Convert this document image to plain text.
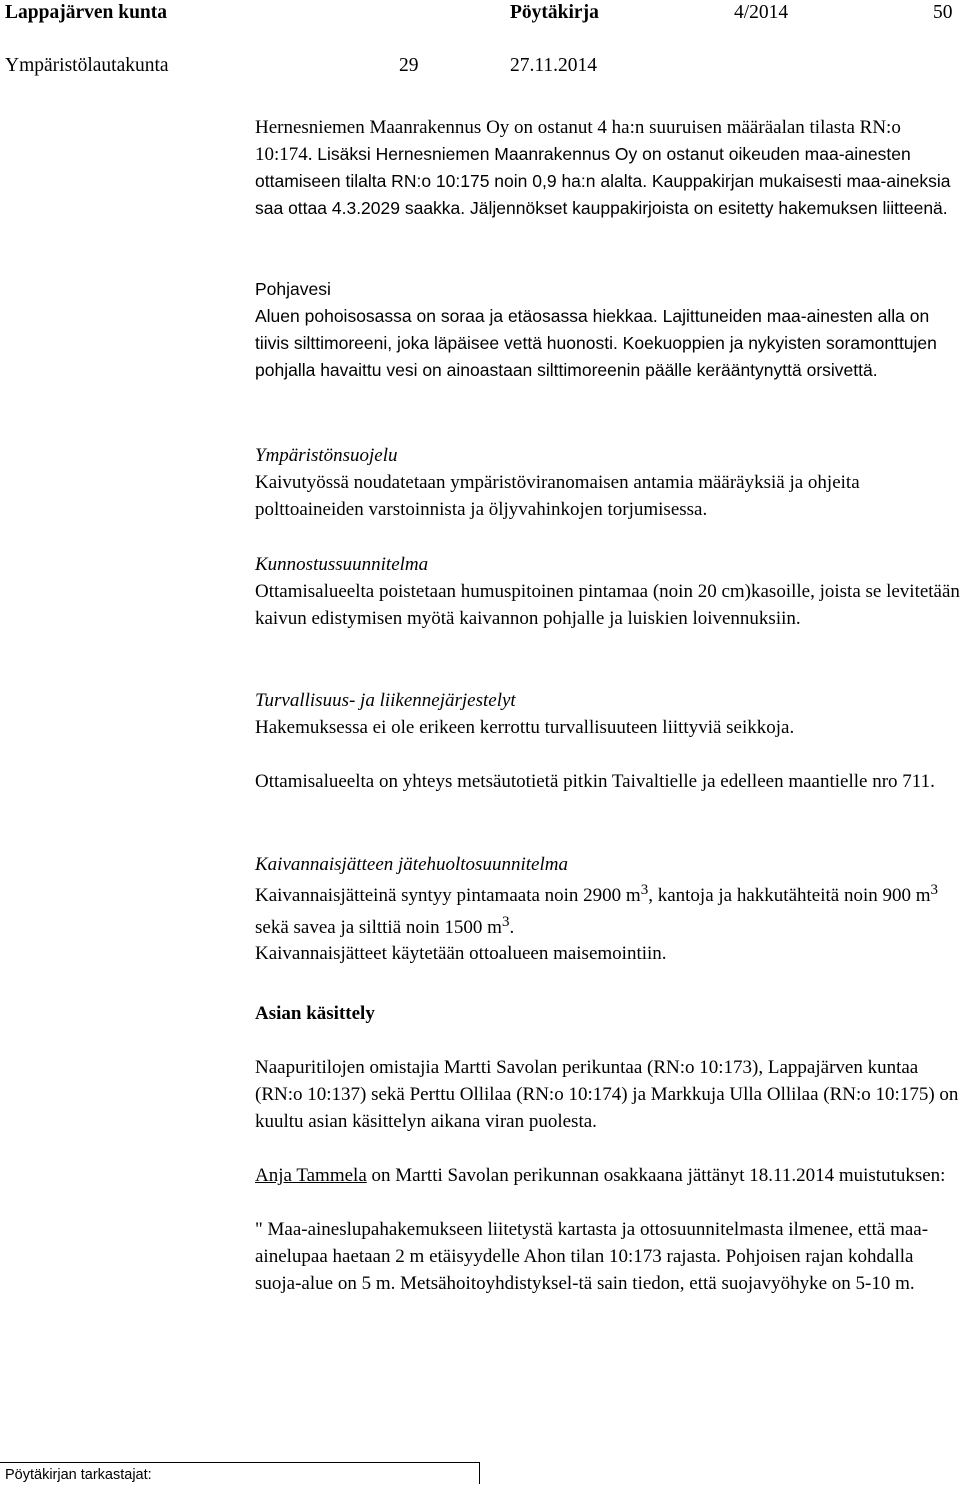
Lappajärven kunta	Pöytäkirja	4/2014	50
Ympäristölautakunta	29	27.11.2014

Hernesniemen Maanrakennus Oy on ostanut 4 ha:n suuruisen määräalan tilasta RN:o 10:174. Lisäksi Hernesniemen Maanrakennus Oy on ostanut oikeuden maa-ainesten ottamiseen tilalta RN:o 10:175 noin 0,9 ha:n alalta. Kauppakirjan mukaisesti maa-aineksia saa ottaa 4.3.2029 saakka. Jäljennökset kauppakirjoista on esitetty hakemuksen liitteenä.

Pohjavesi

Aluen pohoisosassa on soraa ja etäosassa hiekkaa. Lajittuneiden maa-ainesten alla on tiivis silttimoreeni, joka läpäisee vettä huonosti. Koekuoppien ja nykyisten soramonttujen pohjalla havaittu vesi on ainoastaan silttimoreenin päälle kerääntynyttä orsivettä.

Ympäristönsuojelu

Kaivutyössä noudatetaan ympäristöviranomaisen antamia määräyksiä ja ohjeita polttoaineiden varstoinnista ja öljyvahinkojen torjumisessa.

Kunnostussuunnitelma

Ottamisalueelta poistetaan humuspitoinen pintamaa (noin 20 cm)kasoille, joista se levitetään kaivun edistymisen myötä kaivannon pohjalle ja luiskien loivennuksiin.

Turvallisuus- ja liikennejärjestelyt

Hakemuksessa ei ole erikeen kerrottu turvallisuuteen liittyviä seikkoja.

Ottamisalueelta on yhteys metsäutotietä pitkin Taivaltielle ja edelleen maantielle nro 711.

Kaivannaisjätteen jätehuoltosuunnitelma

Kaivannaisjätteinä syntyy pintamaata noin 2900 $m^3$, kantoja ja hakkutähteitä noin 900 $m^3$ sekä savea ja silttiä noin 1500 $m^3$.

Kaivannaisjätteet käytetään ottoalueen maisemointiin.

Asian käsittely

Naapuritilojen omistajia Martti Savolan perikuntaa (RN:o 10:173), Lappajärven kuntaa (RN:o 10:137) sekä Perttu Ollilaa (RN:o 10:174) ja Markkuja Ulla Ollilaa (RN:o 10:175) on kuultu asian käsittelyn aikana viran puolesta.

Anja Tammela on Martti Savolan perikunnan osakkaana jättänyt 18.11.2014 muistutuksen:

" Maa-aineslupahakemukseen liitetystä kartasta ja ottosuunnitelmasta ilmenee, että maa-ainelupaa haetaan 2 m etäisyydelle Ahon tilan 10:173 rajasta. Pohjoisen rajan kohdalla suoja-alue on 5 m. Metsähoitoyhdistyksel-tä sain tiedon, että suojavyöhyke on 5-10 m.

Pöytäkirjan tarkastajat:
